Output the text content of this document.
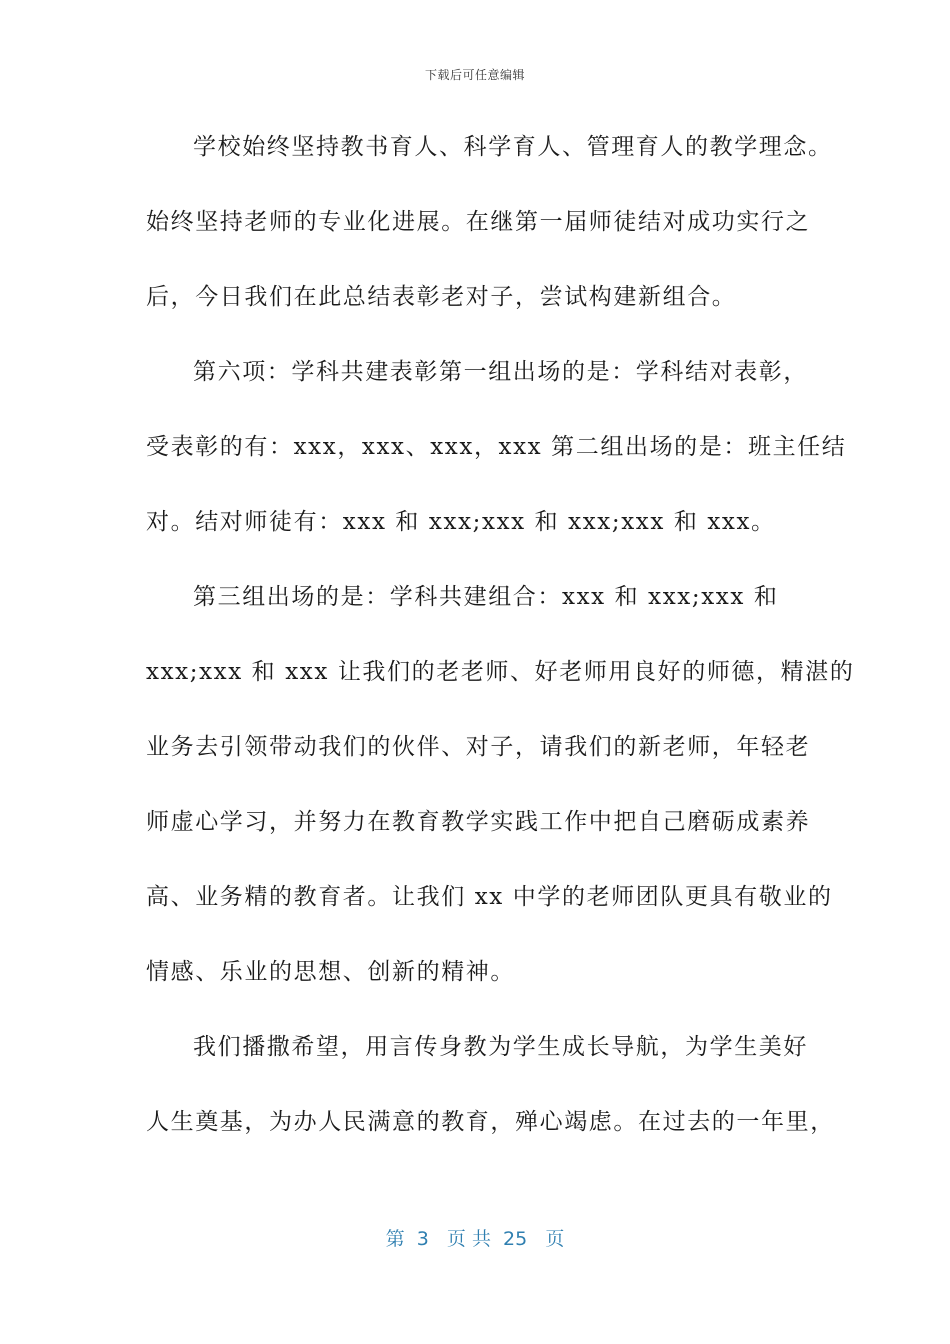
下载后可任意编辑
学校始终坚持教书育人、科学育人、管理育人的教学理念。
始终坚持老师的专业化进展。在继第一届师徒结对成功实行之
后，今日我们在此总结表彰老对子，尝试构建新组合。
第六项：学科共建表彰第一组出场的是：学科结对表彰，
受表彰的有：xxx，xxx、xxx，xxx 第二组出场的是：班主任结
对。结对师徒有：xxx 和 xxx;xxx 和 xxx;xxx 和 xxx。
第三组出场的是：学科共建组合：xxx 和 xxx;xxx 和
xxx;xxx 和 xxx 让我们的老老师、好老师用良好的师德，精湛的
业务去引领带动我们的伙伴、对子，请我们的新老师，年轻老
师虚心学习，并努力在教育教学实践工作中把自己磨砺成素养
高、业务精的教育者。让我们 xx 中学的老师团队更具有敬业的
情感、乐业的思想、创新的精神。
我们播撒希望，用言传身教为学生成长导航，为学生美好
人生奠基，为办人民满意的教育，殚心竭虑。在过去的一年里，
第  3   页 共  25   页
